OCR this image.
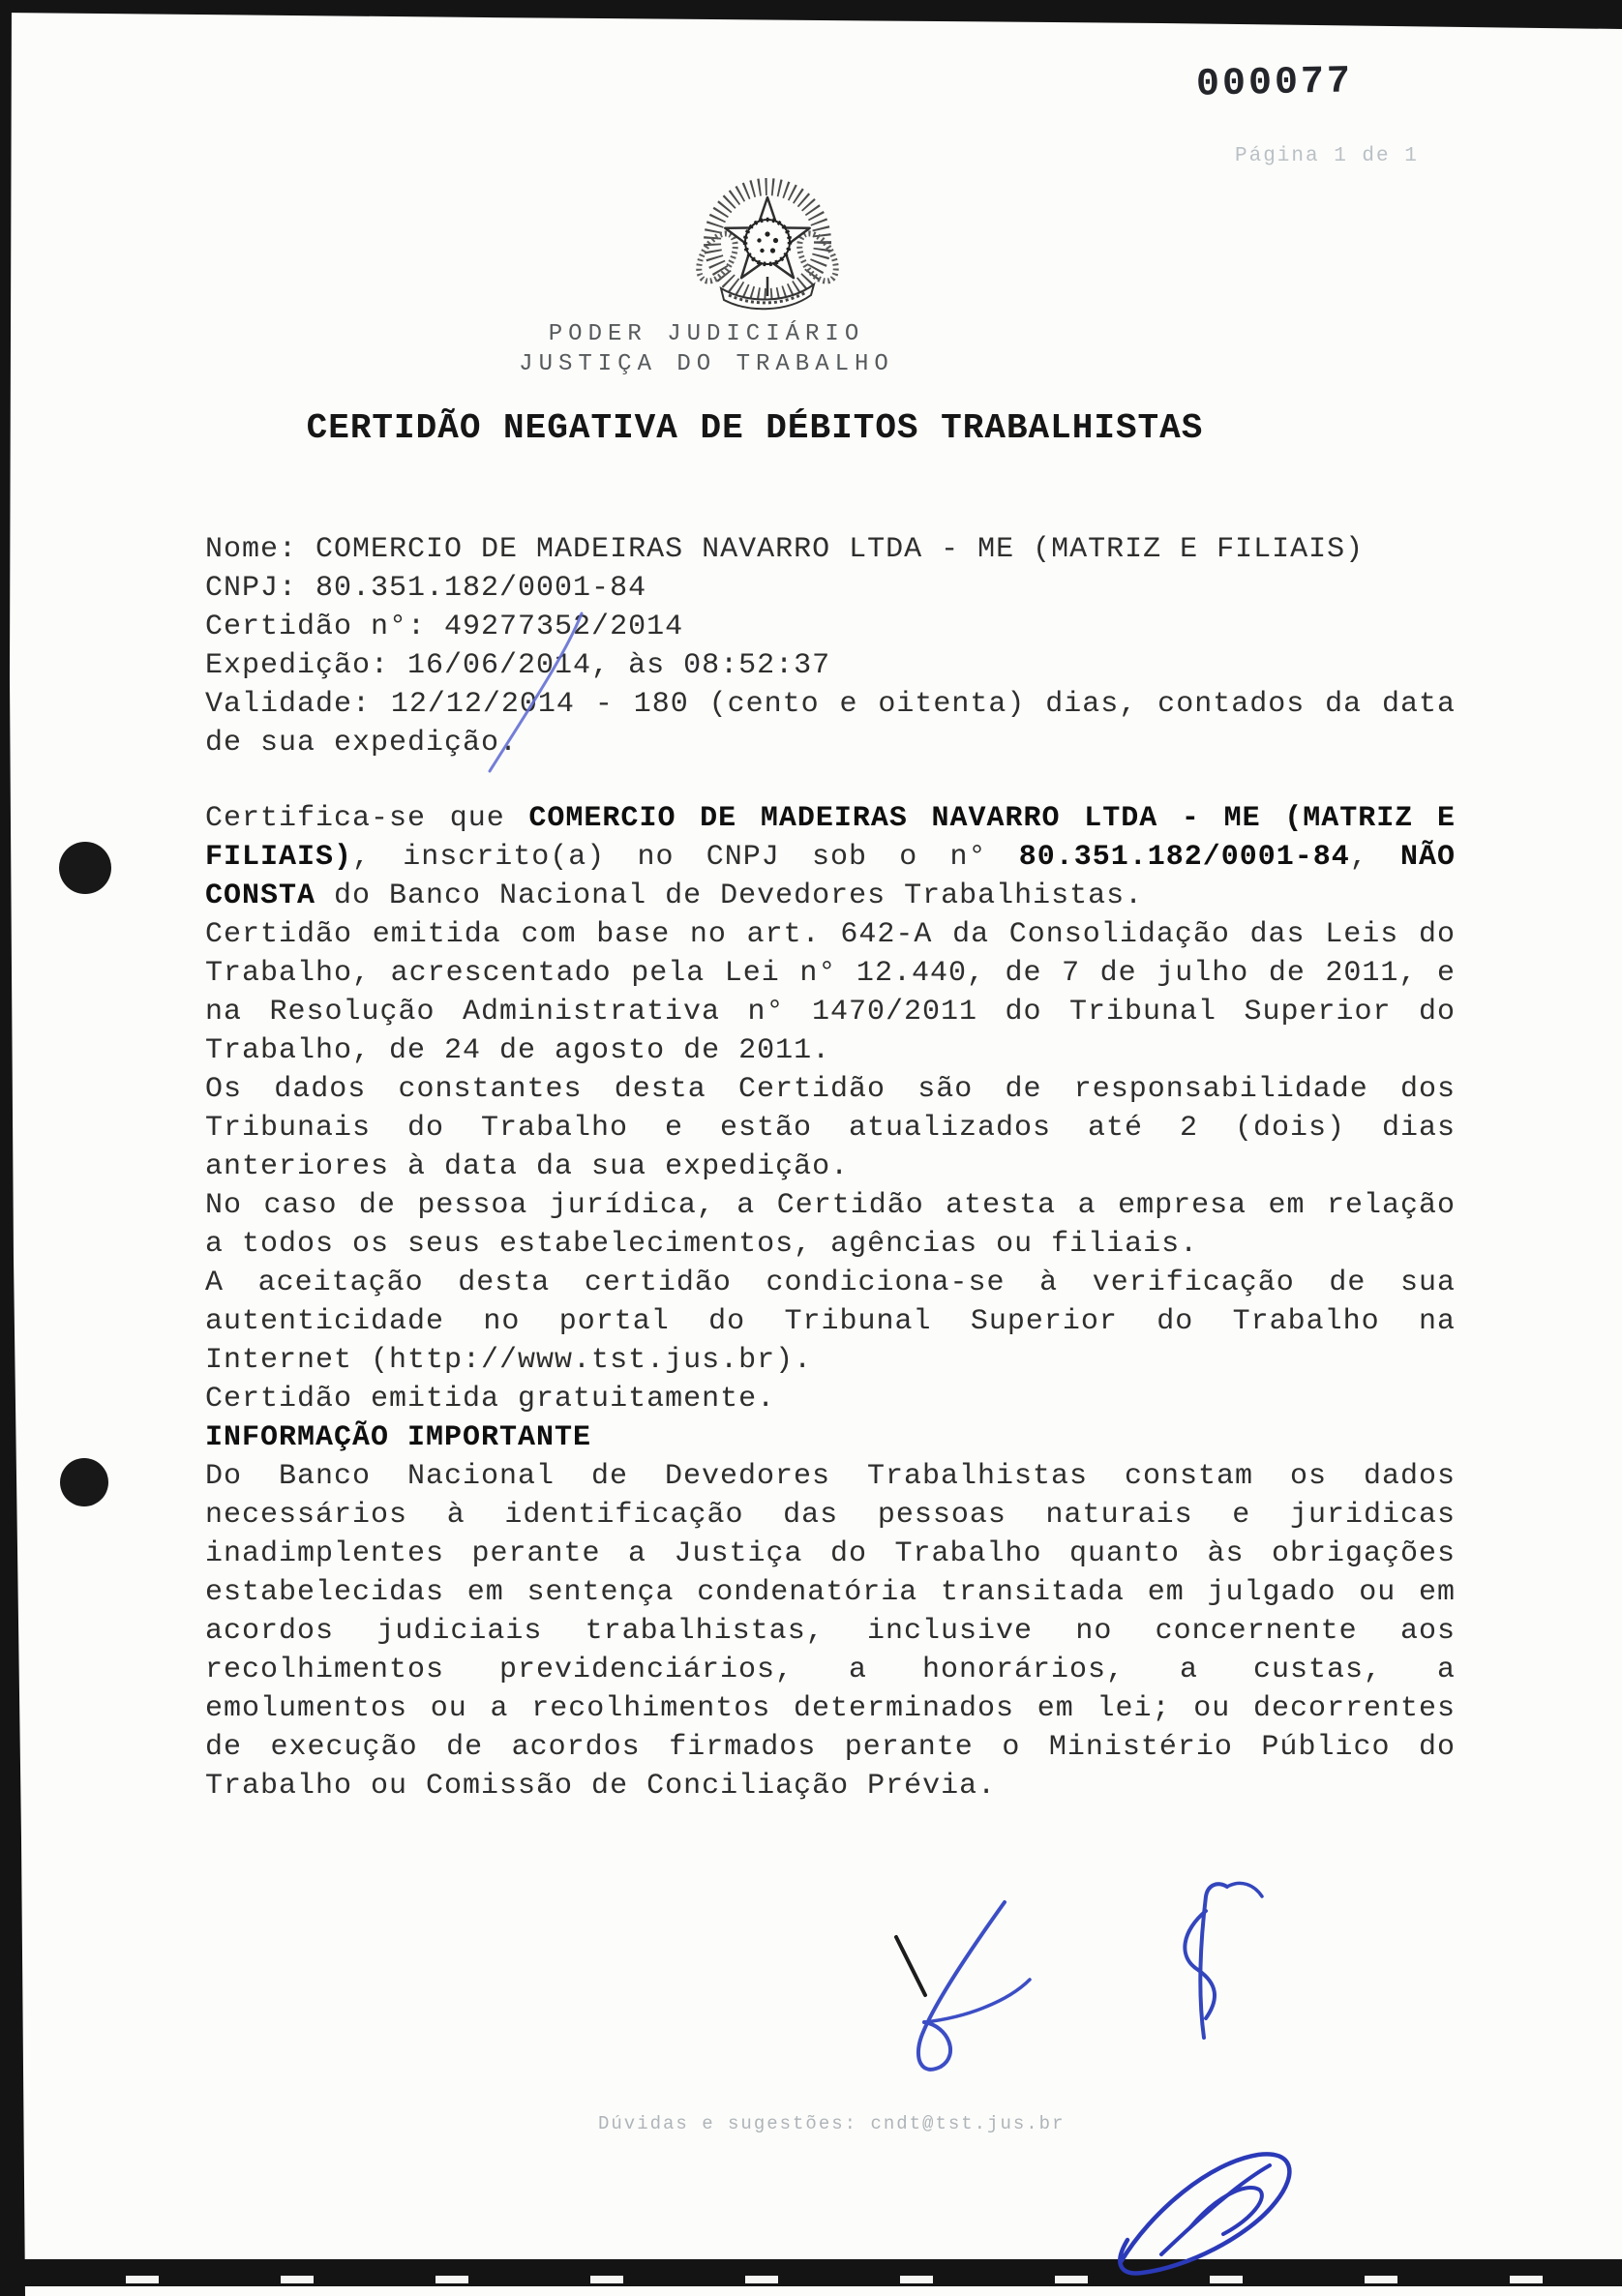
000077
Página 1 de 1
PODER JUDICIÁRIO
JUSTIÇA DO TRABALHO
CERTIDÃO NEGATIVA DE DÉBITOS TRABALHISTAS

Nome: COMERCIO DE MADEIRAS NAVARRO LTDA - ME (MATRIZ E FILIAIS)

CNPJ: 80.351.182/0001-84

Certidão n°: 49277352/2014

Expedição: 16/06/2014, às 08:52:37

Validade: 12/12/2014 - 180 (cento e oitenta) dias, contados da data de sua expedição.

Certifica-se que COMERCIO DE MADEIRAS NAVARRO LTDA - ME (MATRIZ E FILIAIS), inscrito(a) no CNPJ sob o n° 80.351.182/0001-84, NÃO CONSTA do Banco Nacional de Devedores Trabalhistas.

Certidão emitida com base no art. 642-A da Consolidação das Leis do Trabalho, acrescentado pela Lei n° 12.440, de 7 de julho de 2011, e na Resolução Administrativa n° 1470/2011 do Tribunal Superior do Trabalho, de 24 de agosto de 2011.

Os dados constantes desta Certidão são de responsabilidade dos Tribunais do Trabalho e estão atualizados até 2 (dois) dias anteriores à data da sua expedição.

No caso de pessoa jurídica, a Certidão atesta a empresa em relação a todos os seus estabelecimentos, agências ou filiais.

A aceitação desta certidão condiciona-se à verificação de sua autenticidade no portal do Tribunal Superior do Trabalho na Internet (http://www.tst.jus.br).

Certidão emitida gratuitamente.

INFORMAÇÃO IMPORTANTE

Do Banco Nacional de Devedores Trabalhistas constam os dados necessários à identificação das pessoas naturais e juridicas inadimplentes perante a Justiça do Trabalho quanto às obrigações estabelecidas em sentença condenatória transitada em julgado ou em acordos judiciais trabalhistas, inclusive no concernente aos recolhimentos previdenciários, a honorários, a custas, a emolumentos ou a recolhimentos determinados em lei; ou decorrentes de execução de acordos firmados perante o Ministério Público do Trabalho ou Comissão de Conciliação Prévia.

Dúvidas e sugestões: cndt@tst.jus.br
